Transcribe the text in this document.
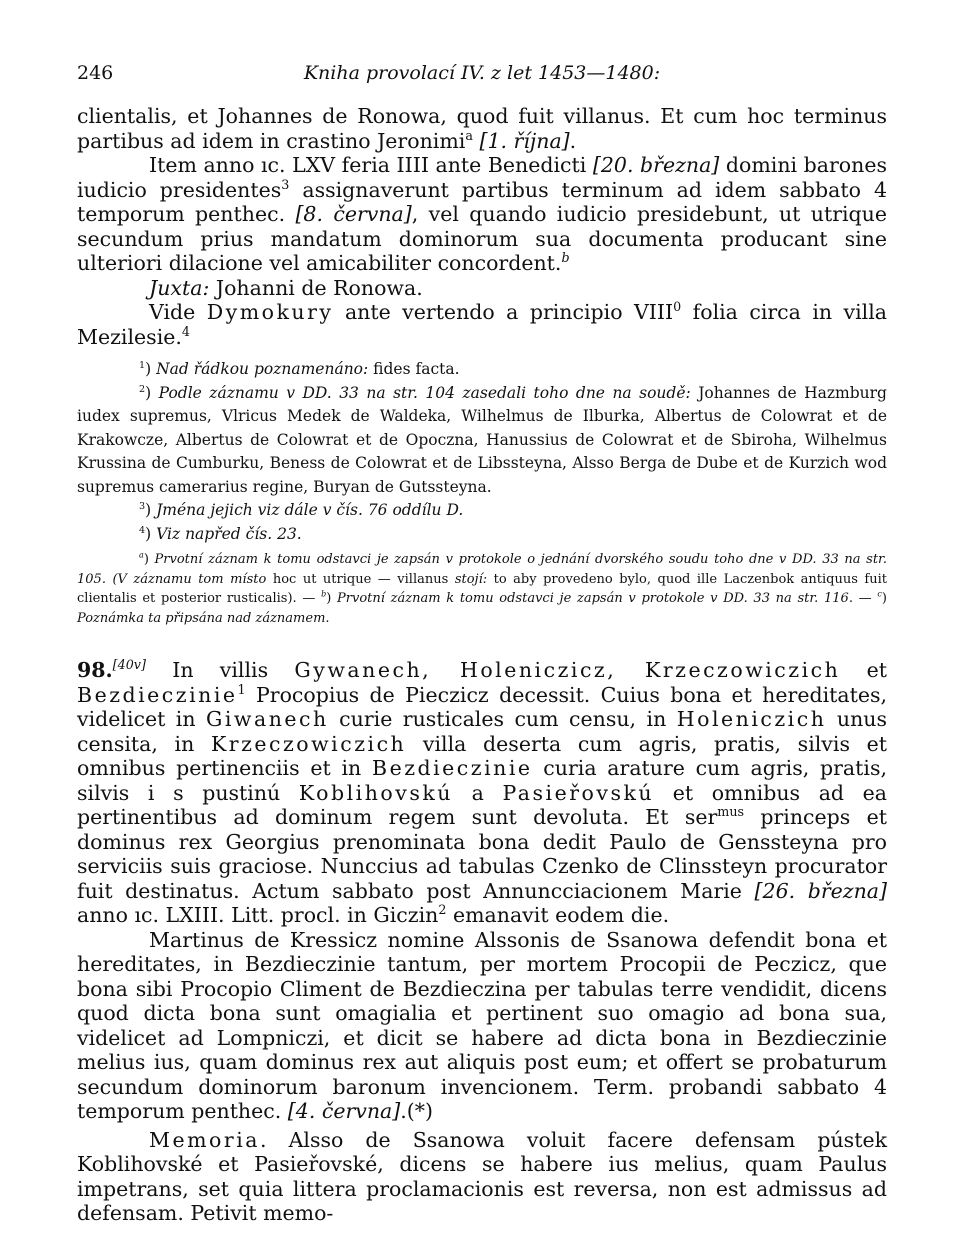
246	Kniha provolací IV. z let 1453—1480:

clientalis, et Johannes de Ronowa, quod fuit villanus. Et cum hoc terminus partibus ad idem in crastino Jeronimi$^a$ [1. října].

Item anno ıc. LXV feria IIII ante Benedicti [20. března] domini barones iudicio presidentes$^3$ assignaverunt partibus terminum ad idem sabbato 4 temporum penthec. [8. června], vel quando iudicio presidebunt, ut utrique secundum prius mandatum dominorum sua documenta producant sine ulteriori dilacione vel amicabiliter concordent.$^b$

Juxta: Johanni de Ronowa.

Vide Dymokury ante vertendo a principio VIII$^0$ folia circa in villa Mezilesie.$^4$

$^1$) Nad řádkou poznamenáno: fides facta.

$^2$) Podle záznamu v DD. 33 na str. 104 zasedali toho dne na soudě: Johannes de Hazmburg iudex supremus, Vlricus Medek de Waldeka, Wilhelmus de Ilburka, Albertus de Colowrat et de Krakowcze, Albertus de Colowrat et de Opoczna, Hanussius de Colowrat et de Sbiroha, Wilhelmus Krussina de Cumburku, Beness de Colowrat et de Libssteyna, Alsso Berga de Dube et de Kurzich wod supremus camerarius regine, Buryan de Gutssteyna.

$^3$) Jména jejich viz dále v čís. 76 oddílu D.

$^4$) Viz napřed čís. 23.

$^a$) Prvotní záznam k tomu odstavci je zapsán v protokole o jednání dvorského soudu toho dne v DD. 33 na str. 105. (V záznamu tom místo hoc ut utrique — villanus stojí: to aby provedeno bylo, quod ille Laczenbok antiquus fuit clientalis et posterior rusticalis). — $^b$) Prvotní záznam k tomu odstavci je zapsán v protokole v DD. 33 na str. 116. — $^c$) Poznámka ta připsána nad záznamem.

98.[40v] In villis Gywanech, Holeniczicz, Krzeczowiczich et Bezdieczinie$^1$ Procopius de Pieczicz decessit. Cuius bona et hereditates, videlicet in Giwanech curie rusticales cum censu, in Holeniczich unus censita, in Krzeczowiczich villa deserta cum agris, pratis, silvis et omnibus pertinenciis et in Bezdieczinie curia arature cum agris, pratis, silvis i s pustinú Koblihovskú a Pasieřovskú et omnibus ad ea pertinentibus ad dominum regem sunt devoluta. Et ser$^{mus}$ princeps et dominus rex Georgius prenominata bona dedit Paulo de Genssteyna pro serviciis suis graciose. Nunccius ad tabulas Czenko de Clinssteyn procurator fuit destinatus. Actum sabbato post Annuncciacionem Marie [26. března] anno ıc. LXIII. Litt. procl. in Giczin$^2$ emanavit eodem die.

Martinus de Kressicz nomine Alssonis de Ssanowa defendit bona et hereditates, in Bezdieczinie tantum, per mortem Procopii de Peczicz, que bona sibi Procopio Climent de Bezdieczina per tabulas terre vendidit, dicens quod dicta bona sunt omagialia et pertinent suo omagio ad bona sua, videlicet ad Lompniczi, et dicit se habere ad dicta bona in Bezdieczinie melius ius, quam dominus rex aut aliquis post eum; et offert se probaturum secundum dominorum baronum invencionem. Term. probandi sabbato 4 temporum penthec. [4. června].(*)

Memoria. Alsso de Ssanowa voluit facere defensam pústek Koblihovské et Pasieřovské, dicens se habere ius melius, quam Paulus impetrans, set quia littera proclamacionis est reversa, non est admissus ad defensam. Petivit memo-
